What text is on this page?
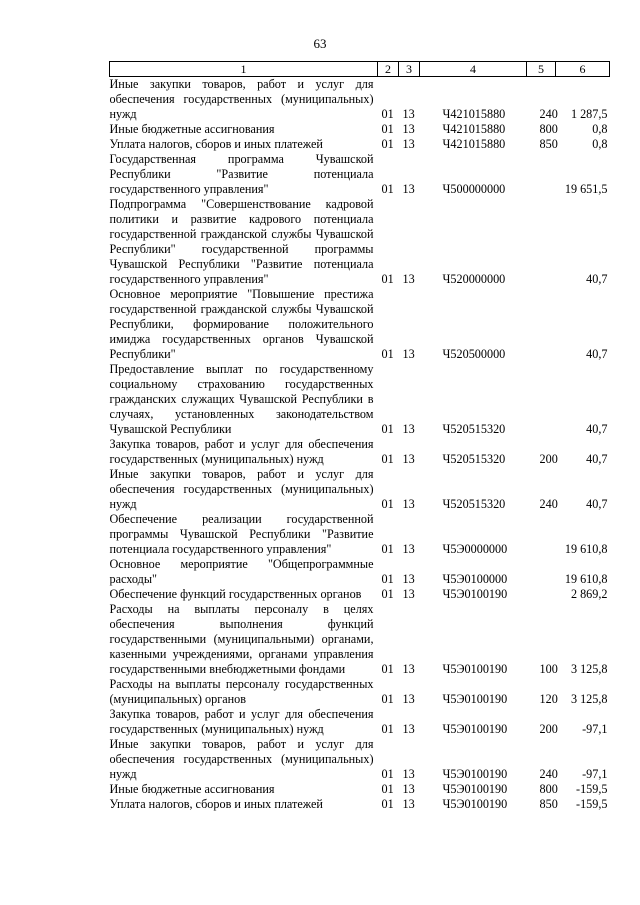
63
1	2	3	4	5	6
Иные закупки товаров, работ и услуг для обеспечения государственных (муниципальных) нужд	01	13	Ч421015880	240	1 287,5
Иные бюджетные ассигнования	01	13	Ч421015880	800	0,8
Уплата налогов, сборов и иных платежей	01	13	Ч421015880	850	0,8
Государственная программа Чувашской Республики "Развитие потенциала государственного управления"	01	13	Ч500000000		19 651,5
Подпрограмма "Совершенствование кадровой политики и развитие кадрового потенциала государственной гражданской службы Чувашской Республики" государственной программы Чувашской Республики "Развитие потенциала государственного управления"	01	13	Ч520000000		40,7
Основное мероприятие "Повышение престижа государственной гражданской службы Чувашской Республики, формирование положительного имиджа государственных органов Чувашской Республики"	01	13	Ч520500000		40,7
Предоставление выплат по государственному социальному страхованию государственных гражданских служащих Чувашской Республики в случаях, установленных законодательством Чувашской Республики	01	13	Ч520515320		40,7
Закупка товаров, работ и услуг для обеспечения государственных (муниципальных) нужд	01	13	Ч520515320	200	40,7
Иные закупки товаров, работ и услуг для обеспечения государственных (муниципальных) нужд	01	13	Ч520515320	240	40,7
Обеспечение реализации государственной программы Чувашской Республики "Развитие потенциала государственного управления"	01	13	Ч5Э0000000		19 610,8
Основное мероприятие "Общепрограммные расходы"	01	13	Ч5Э0100000		19 610,8
Обеспечение функций государственных органов	01	13	Ч5Э0100190		2 869,2
Расходы на выплаты персоналу в целях обеспечения выполнения функций государственными (муниципальными) органами, казенными учреждениями, органами управления государственными внебюджетными фондами	01	13	Ч5Э0100190	100	3 125,8
Расходы на выплаты персоналу государственных (муниципальных) органов	01	13	Ч5Э0100190	120	3 125,8
Закупка товаров, работ и услуг для обеспечения государственных (муниципальных) нужд	01	13	Ч5Э0100190	200	-97,1
Иные закупки товаров, работ и услуг для обеспечения государственных (муниципальных) нужд	01	13	Ч5Э0100190	240	-97,1
Иные бюджетные ассигнования	01	13	Ч5Э0100190	800	-159,5
Уплата налогов, сборов и иных платежей	01	13	Ч5Э0100190	850	-159,5
